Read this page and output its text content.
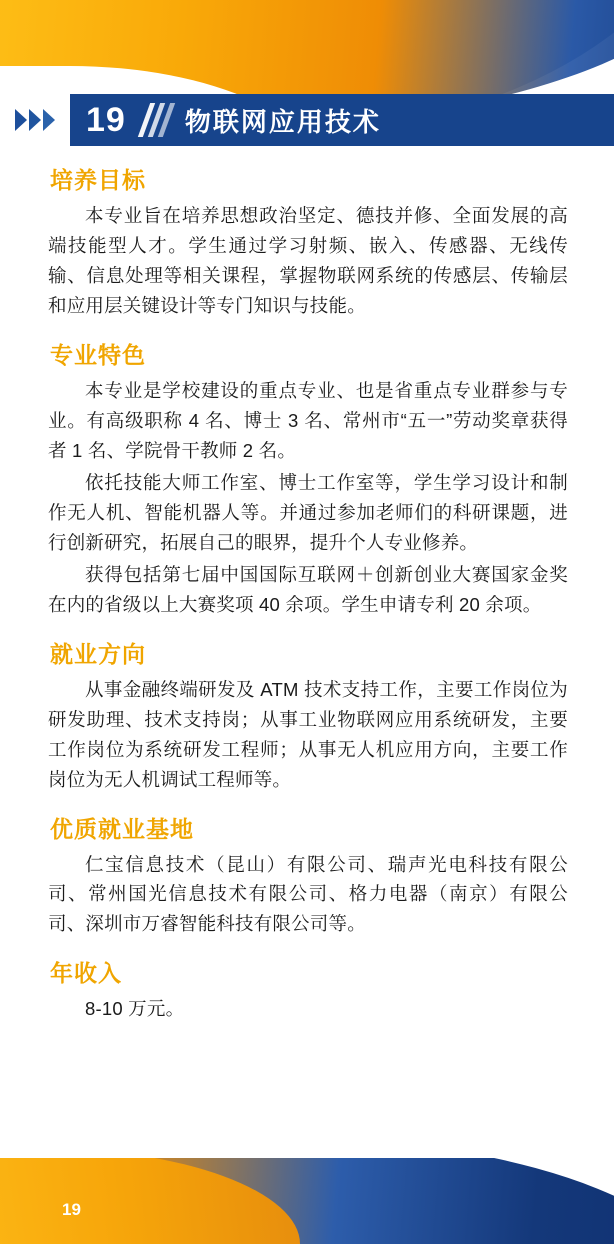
19 物联网应用技术
培养目标

本专业旨在培养思想政治坚定、德技并修、全面发展的高端技能型人才。学生通过学习射频、嵌入、传感器、无线传输、信息处理等相关课程，掌握物联网系统的传感层、传输层和应用层关键设计等专门知识与技能。

专业特色

本专业是学校建设的重点专业、也是省重点专业群参与专业。有高级职称 4 名、博士 3 名、常州市“五一”劳动奖章获得者 1 名、学院骨干教师 2 名。

依托技能大师工作室、博士工作室等，学生学习设计和制作无人机、智能机器人等。并通过参加老师们的科研课题，进行创新研究，拓展自己的眼界，提升个人专业修养。

获得包括第七届中国国际互联网＋创新创业大赛国家金奖在内的省级以上大赛奖项 40 余项。学生申请专利 20 余项。

就业方向

从事金融终端研发及 ATM 技术支持工作，主要工作岗位为研发助理、技术支持岗；从事工业物联网应用系统研发，主要工作岗位为系统研发工程师；从事无人机应用方向，主要工作岗位为无人机调试工程师等。

优质就业基地

仁宝信息技术（昆山）有限公司、瑞声光电科技有限公司、常州国光信息技术有限公司、格力电器（南京）有限公司、深圳市万睿智能科技有限公司等。

年收入

8-10 万元。

19
